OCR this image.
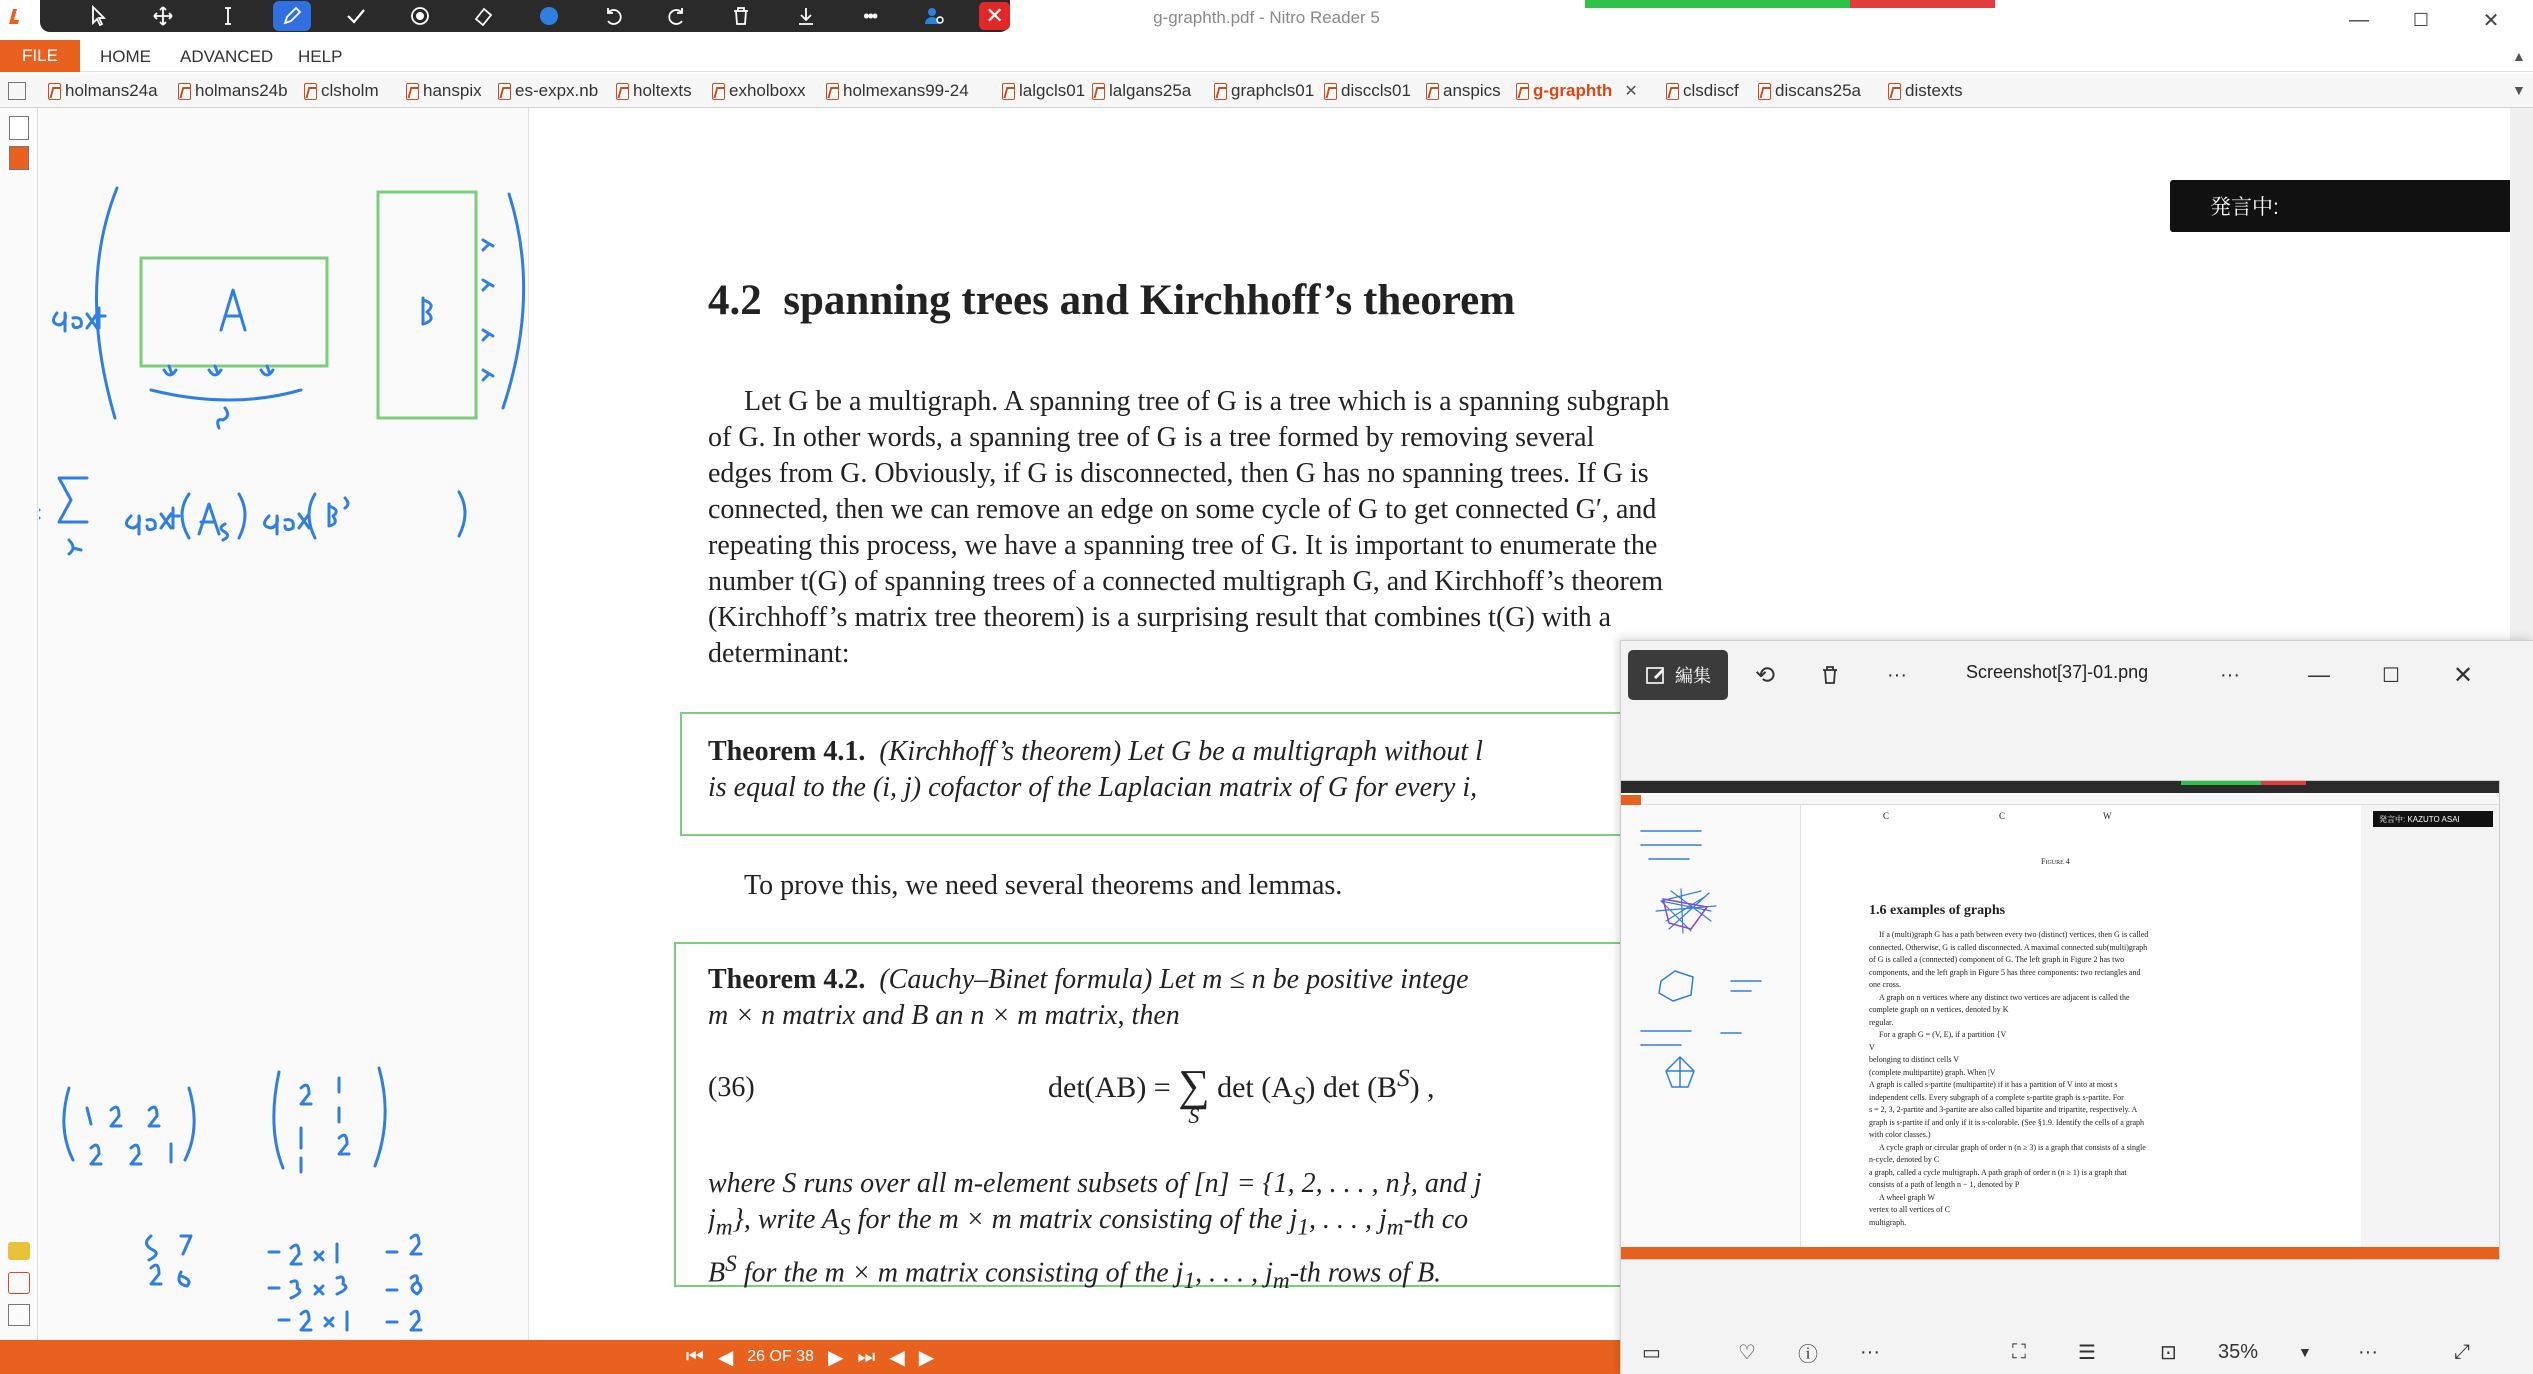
g-graphth.pdf - Nitro Reader 5	—	☐	✕
•••	✕
FILE	HOME ADVANCED HELP	▲
holmans24a holmans24b clsholm	hanspix es-expx.nb holtexts exholboxx holmexans99-24	lalgcls01 lalgans25a graphcls01 disccls01 anspics g-graphth ✕	clsdiscf discans25a	distexts	▼
4.2 spanning trees and Kirchhoff’s theorem
Let G be a multigraph. A spanning tree of G is a tree which is a spanning subgraph
of G. In other words, a spanning tree of G is a tree formed by removing several
edges from G. Obviously, if G is disconnected, then G has no spanning trees. If G is
connected, then we can remove an edge on some cycle of G to get connected G′, and
repeating this process, we have a spanning tree of G. It is important to enumerate the
number t(G) of spanning trees of a connected multigraph G, and Kirchhoff’s theorem
(Kirchhoff’s matrix tree theorem) is a surprising result that combines t(G) with a
determinant:
Theorem 4.1. (Kirchhoff’s theorem) Let G be a multigraph without l
is equal to the (i, j) cofactor of the Laplacian matrix of G for every i,
To prove this, we need several theorems and lemmas.
Theorem 4.2. (Cauchy–Binet formula) Let m ≤ n be positive intege
m × n matrix and B an n × m matrix, then
(36)	det(AB) = ∑
S
$\det (A_S)$ $\det (B^S)$ ,
where S runs over all m-element subsets of [n] = {1, 2, . . . , n}, and j
$j_m$}, write $A_S$ for the m × m matrix consisting of the $j_1$, . . . , $j_m-th$ co
$B^S$ for the m × m matrix consisting of the $j_1$, . . . , $j_m-th$ rows of B.
発言中:
⏮ ◀ 26 OF 38 ▶ ⏭ ◀ ▶
編集	⟲	···	Screenshot[37]-01.png	···	—	☐	✕
C	C	W
Figure 4
1.6 examples of graphs
If a (multi)graph G has a path between every two (distinct) vertices, then G is called
connected. Otherwise, G is called disconnected. A maximal connected sub(multi)graph
of G is called a (connected) component of G. The left graph in Figure 2 has two
components, and the left graph in Figure 5 has three components: two rectangles and
one cross.
A graph on n vertices where any distinct two vertices are adjacent is called the
complete graph on n vertices, denoted by K
regular.
For a graph G = (V, E), if a partition {V
V
belonging to distinct cells V
(complete multipartite) graph. When |V
A graph is called s-partite (multipartite) if it has a partition of V into at most s
independent cells. Every subgraph of a complete s-partite graph is s-partite. For
s = 2, 3, 2-partite and 3-partite are also called bipartite and tripartite, respectively. A
graph is s-partite if and only if it is s-colorable. (See §1.9. Identify the cells of a graph
with color classes.)
A cycle graph or circular graph of order n (n ≥ 3) is a graph that consists of a single
n-cycle, denoted by C
a graph, called a cycle multigraph. A path graph of order n (n ≥ 1) is a graph that
consists of a path of length n − 1, denoted by P
A wheel graph W
vertex to all vertices of C
multigraph.
発言中: KAZUTO ASAI
▭	♡ ⓘ ···	⛶	☰	⊡ 35%	▼ ···	⤢
